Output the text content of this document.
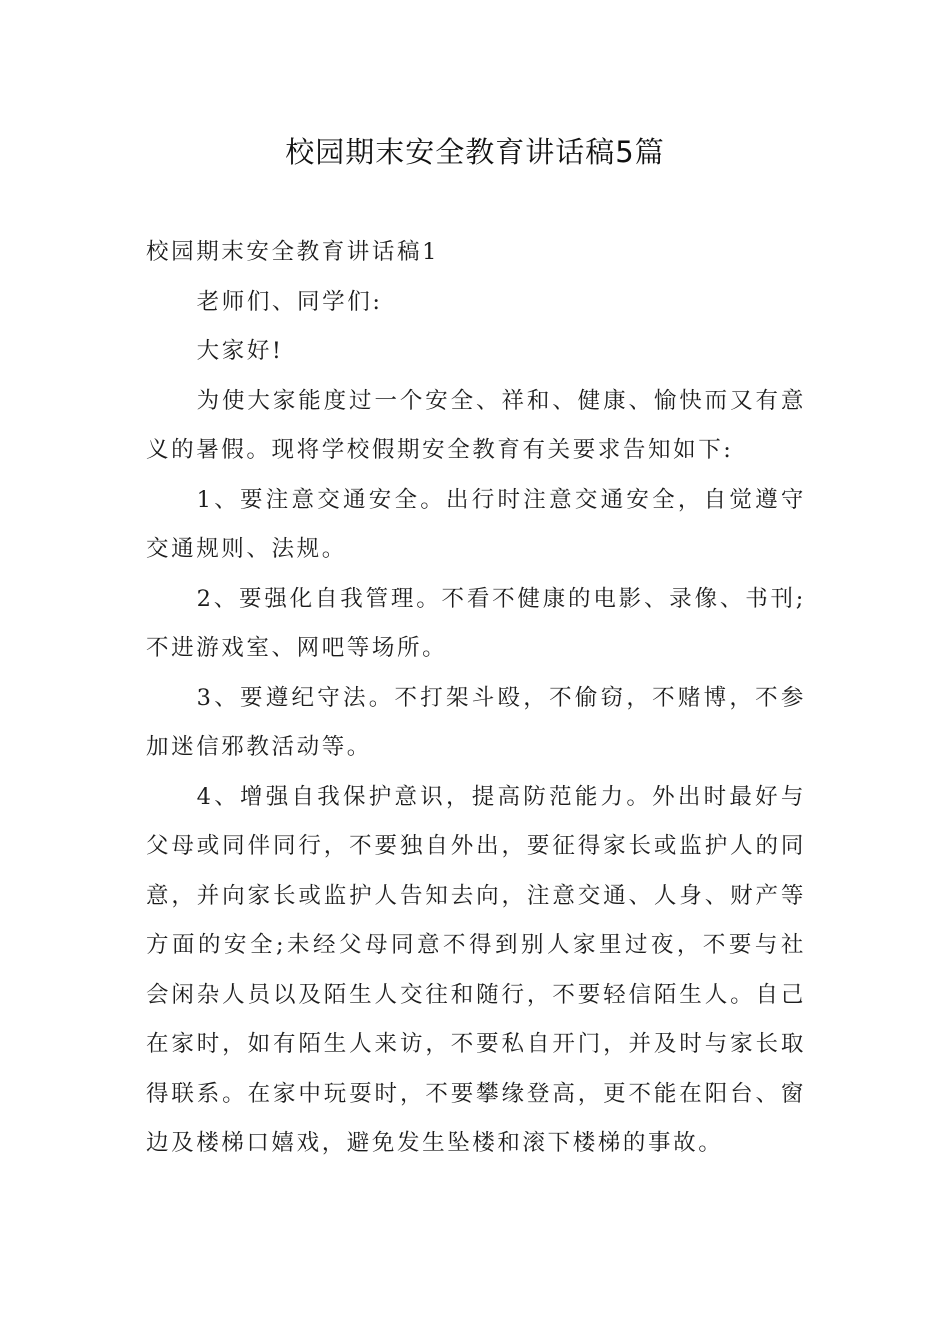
校园期末安全教育讲话稿5篇

校园期末安全教育讲话稿1

老师们、同学们:

大家好!

为使大家能度过一个安全、祥和、健康、愉快而又有意义的暑假。现将学校假期安全教育有关要求告知如下:

1、要注意交通安全。出行时注意交通安全，自觉遵守交通规则、法规。

2、要强化自我管理。不看不健康的电影、录像、书刊;不进游戏室、网吧等场所。

3、要遵纪守法。不打架斗殴，不偷窃，不赌博，不参加迷信邪教活动等。

4、增强自我保护意识，提高防范能力。外出时最好与父母或同伴同行，不要独自外出，要征得家长或监护人的同意，并向家长或监护人告知去向，注意交通、人身、财产等方面的安全;未经父母同意不得到别人家里过夜，不要与社会闲杂人员以及陌生人交往和随行，不要轻信陌生人。自己在家时，如有陌生人来访，不要私自开门，并及时与家长取得联系。在家中玩耍时，不要攀缘登高，更不能在阳台、窗边及楼梯口嬉戏，避免发生坠楼和滚下楼梯的事故。
